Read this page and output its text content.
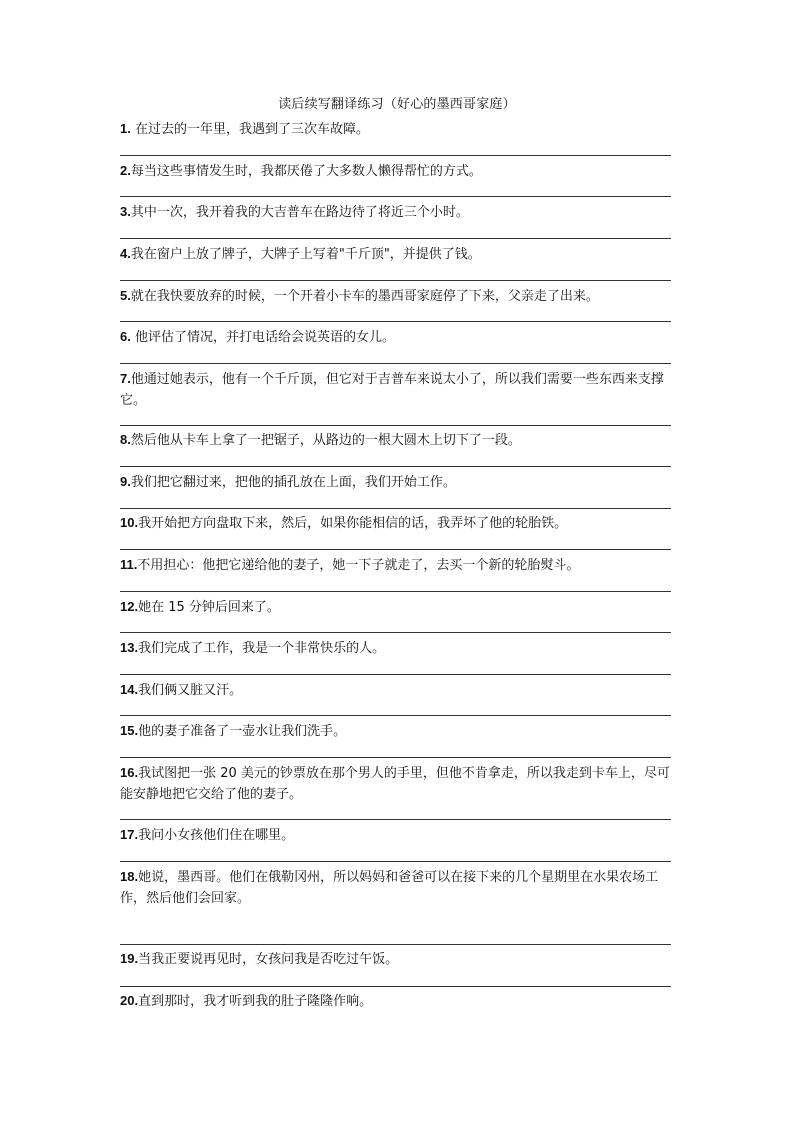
读后续写翻译练习（好心的墨西哥家庭）
1. 在过去的一年里，我遇到了三次车故障。
2.每当这些事情发生时，我都厌倦了大多数人懒得帮忙的方式。
3.其中一次，我开着我的大吉普车在路边待了将近三个小时。
4.我在窗户上放了牌子，大牌子上写着"千斤顶"，并提供了钱。
5.就在我快要放弃的时候，一个开着小卡车的墨西哥家庭停了下来，父亲走了出来。
6. 他评估了情况，并打电话给会说英语的女儿。
7.他通过她表示，他有一个千斤顶，但它对于吉普车来说太小了，所以我们需要一些东西来支撑它。
8.然后他从卡车上拿了一把锯子，从路边的一根大圆木上切下了一段。
9.我们把它翻过来，把他的插孔放在上面，我们开始工作。
10.我开始把方向盘取下来，然后，如果你能相信的话，我弄坏了他的轮胎铁。
11.不用担心：他把它递给他的妻子，她一下子就走了，去买一个新的轮胎熨斗。
12.她在 15 分钟后回来了。
13.我们完成了工作，我是一个非常快乐的人。
14.我们俩又脏又汗。
15.他的妻子准备了一壶水让我们洗手。
16.我试图把一张 20 美元的钞票放在那个男人的手里，但他不肯拿走，所以我走到卡车上，尽可能安静地把它交给了他的妻子。
17.我问小女孩他们住在哪里。
18.她说，墨西哥。他们在俄勒冈州，所以妈妈和爸爸可以在接下来的几个星期里在水果农场工作，然后他们会回家。
19.当我正要说再见时，女孩问我是否吃过午饭。
20.直到那时，我才听到我的肚子隆隆作响。
